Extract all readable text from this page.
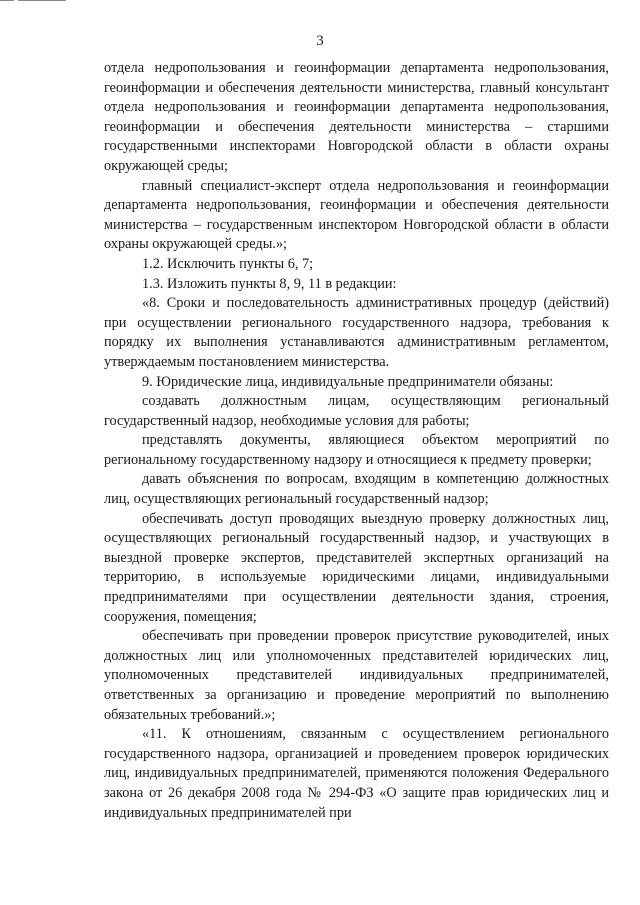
3

отдела недропользования и геоинформации департамента недропользования, геоинформации и обеспечения деятельности министерства, главный консультант отдела недропользования и геоинформации департамента недропользования, геоинформации и обеспечения деятельности министерства – старшими государственными инспекторами Новгородской области в области охраны окружающей среды;

главный специалист-эксперт отдела недропользования и геоинформации департамента недропользования, геоинформации и обеспечения деятельности министерства – государственным инспектором Новгородской области в области охраны окружающей среды.»;

1.2. Исключить пункты 6, 7;

1.3. Изложить пункты 8, 9, 11 в редакции:

«8. Сроки и последовательность административных процедур (действий) при осуществлении регионального государственного надзора, требования к порядку их выполнения устанавливаются административным регламентом, утверждаемым постановлением министерства.

9. Юридические лица, индивидуальные предприниматели обязаны:

создавать должностным лицам, осуществляющим региональный государственный надзор, необходимые условия для работы;

представлять документы, являющиеся объектом мероприятий по региональному государственному надзору и относящиеся к предмету проверки;

давать объяснения по вопросам, входящим в компетенцию должностных лиц, осуществляющих региональный государственный надзор;

обеспечивать доступ проводящих выездную проверку должностных лиц, осуществляющих региональный государственный надзор, и участвующих в выездной проверке экспертов, представителей экспертных организаций на территорию, в используемые юридическими лицами, индивидуальными предпринимателями при осуществлении деятельности здания, строения, сооружения, помещения;

обеспечивать при проведении проверок присутствие руководителей, иных должностных лиц или уполномоченных представителей юридических лиц, уполномоченных представителей индивидуальных предпринимателей, ответственных за организацию и проведение мероприятий по выполнению обязательных требований.»;

«11. К отношениям, связанным с осуществлением регионального государственного надзора, организацией и проведением проверок юридических лиц, индивидуальных предпринимателей, применяются положения Федерального закона от 26 декабря 2008 года № 294-ФЗ «О защите прав юридических лиц и индивидуальных предпринимателей при
